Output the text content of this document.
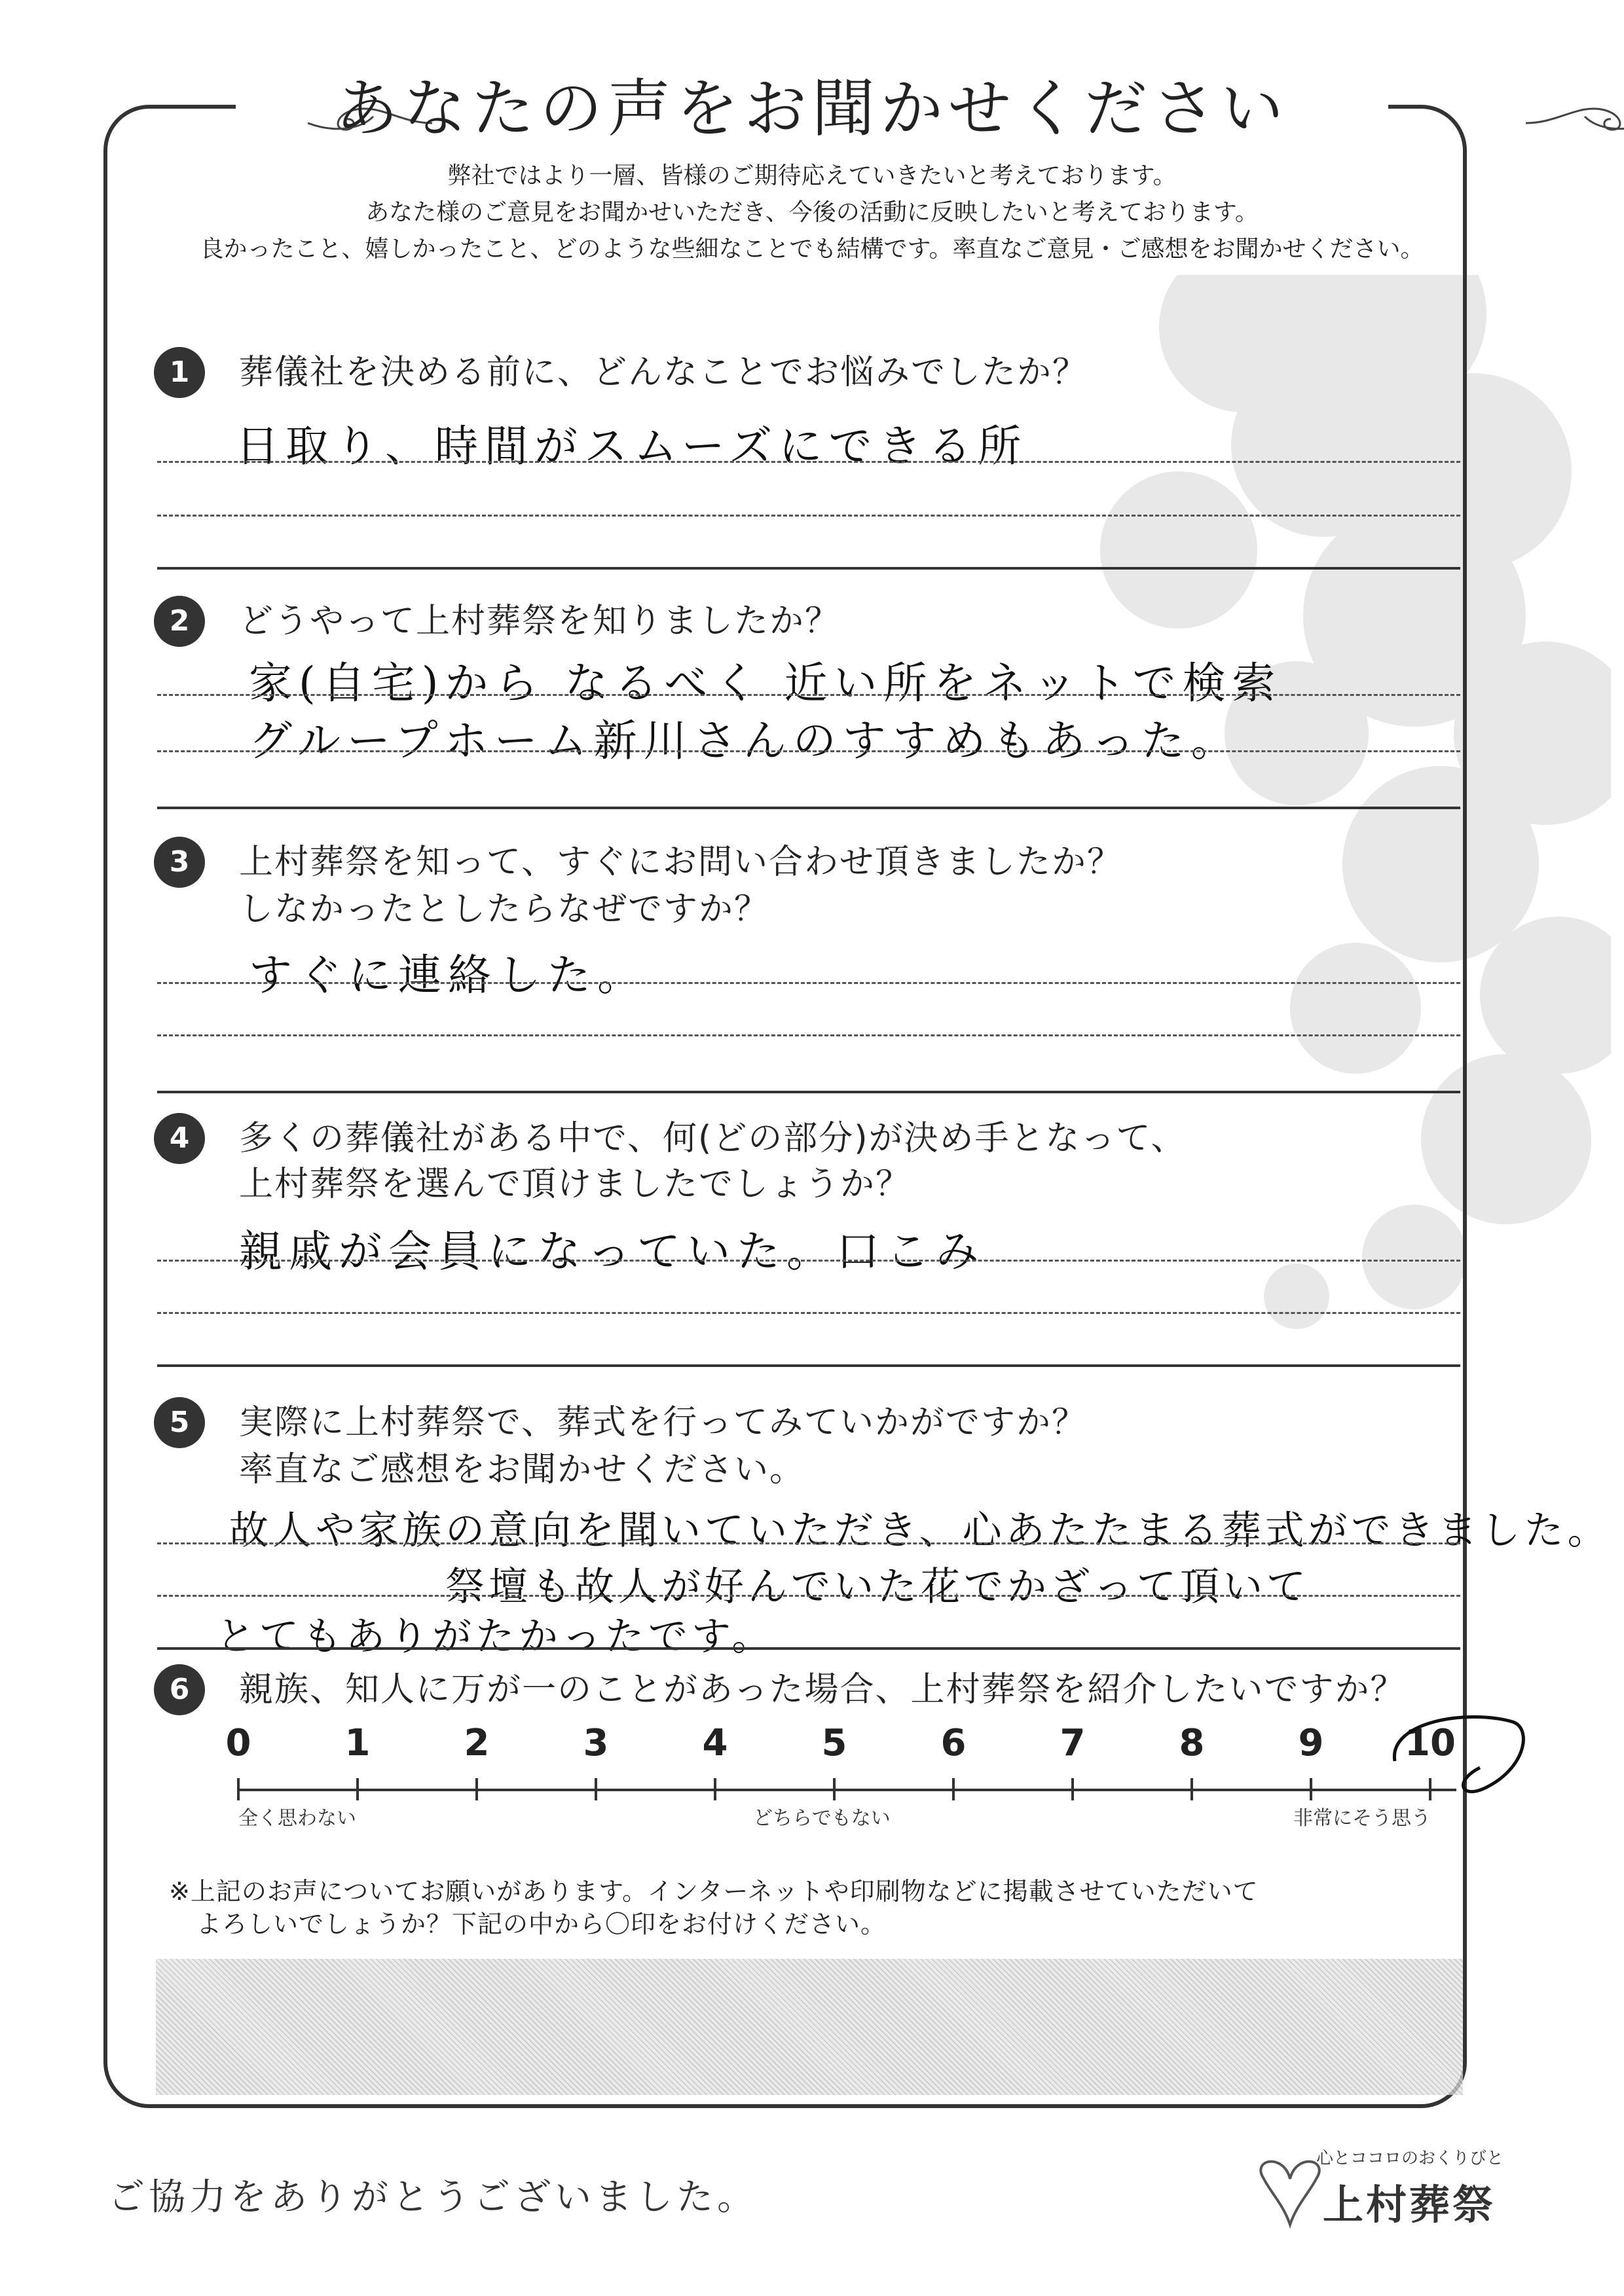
あなたの声をお聞かせください
弊社ではより一層、皆様のご期待応えていきたいと考えております。
あなた様のご意見をお聞かせいただき、今後の活動に反映したいと考えております。
良かったこと、嬉しかったこと、どのような些細なことでも結構です。率直なご意見・ご感想をお聞かせください。
1	葬儀社を決める前に、どんなことでお悩みでしたか？
日取り、時間がスムーズにできる所
2	どうやって上村葬祭を知りましたか？
家(自宅)から なるべく 近い所をネットで検索
グループホーム新川さんのすすめもあった。
3	上村葬祭を知って、すぐにお問い合わせ頂きましたか？
しなかったとしたらなぜですか？
すぐに連絡した。
4	多くの葬儀社がある中で、何(どの部分)が決め手となって、
上村葬祭を選んで頂けましたでしょうか？
親戚が会員になっていた。口こみ
5	実際に上村葬祭で、葬式を行ってみていかがですか？
率直なご感想をお聞かせください。
故人や家族の意向を聞いていただき、心あたたまる葬式ができました。
祭壇も故人が好んでいた花でかざって頂いて
とてもありがたかったです。
6	親族、知人に万が一のことがあった場合、上村葬祭を紹介したいですか？
0	1	2	3	4	5	6	7	8	9	10
全く思わない	どちらでもない	非常にそう思う
※上記のお声についてお願いがあります。インターネットや印刷物などに掲載させていただいて
よろしいでしょうか？下記の中から〇印をお付けください。
ご協力をありがとうございました。
心とココロのおくりびと
上村葬祭
